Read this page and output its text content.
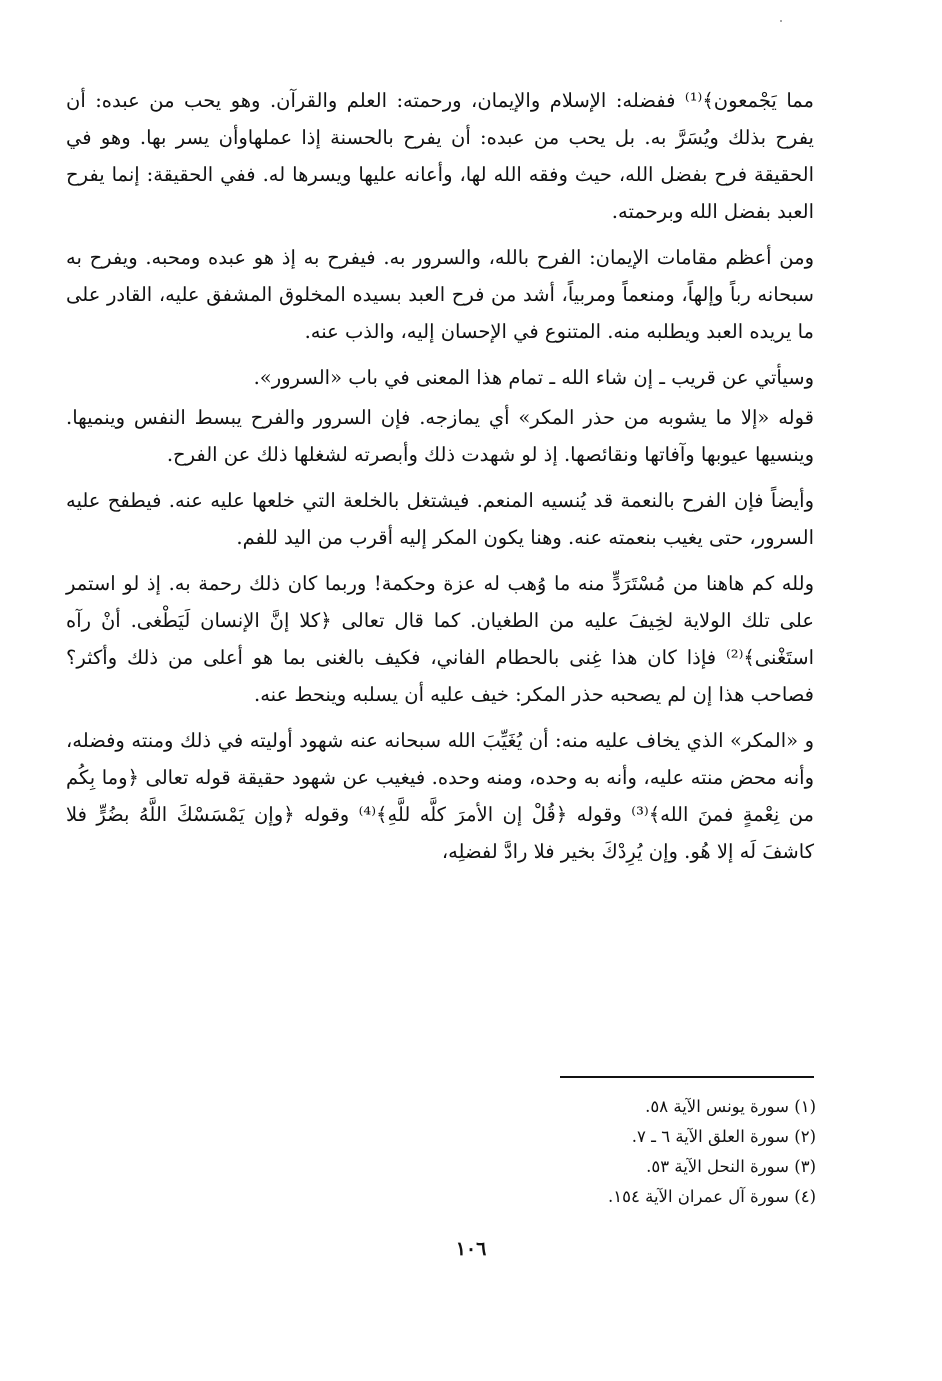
مما يَجْمعون﴾⁽¹⁾ ففضله: الإسلام والإيمان، ورحمته: العلم والقرآن. وهو يحب من عبده: أن يفرح بذلك ويُسَرَّ به. بل يحب من عبده: أن يفرح بالحسنة إذا عملهاوأن يسر بها. وهو في الحقيقة فرح بفضل الله، حيث وفقه الله لها، وأعانه عليها ويسرها له. ففي الحقيقة: إنما يفرح العبد بفضل الله وبرحمته.

ومن أعظم مقامات الإيمان: الفرح بالله، والسرور به. فيفرح به إذ هو عبده ومحبه. ويفرح به سبحانه رباً وإلهاً، ومنعماً ومربياً، أشد من فرح العبد بسيده المخلوق المشفق عليه، القادر على ما يريده العبد ويطلبه منه. المتنوع في الإحسان إليه، والذب عنه.

وسيأتي عن قريب ـ إن شاء الله ـ تمام هذا المعنى في باب «السرور».

قوله «إلا ما يشوبه من حذر المكر» أي يمازجه. فإن السرور والفرح يبسط النفس وينميها. وينسيها عيوبها وآفاتها ونقائصها. إذ لو شهدت ذلك وأبصرته لشغلها ذلك عن الفرح.

وأيضاً فإن الفرح بالنعمة قد يُنسيه المنعم. فيشتغل بالخلعة التي خلعها عليه عنه. فيطفح عليه السرور، حتى يغيب بنعمته عنه. وهنا يكون المكر إليه أقرب من اليد للفم.

ولله كم هاهنا من مُسْتَرَدٍّ منه ما وُهب له عزة وحكمة! وربما كان ذلك رحمة به. إذ لو استمر على تلك الولاية لخِيفَ عليه من الطغيان. كما قال تعالى ﴿كلا إنَّ الإنسان لَيَطْغى. أنْ رآه استَغْنى﴾⁽²⁾ فإذا كان هذا غِنى بالحطام الفاني، فكيف بالغنى بما هو أعلى من ذلك وأكثر؟ فصاحب هذا إن لم يصحبه حذر المكر: خيف عليه أن يسلبه وينحط عنه.

و «المكر» الذي يخاف عليه منه: أن يُغَيِّبَ الله سبحانه عنه شهود أوليته في ذلك ومنته وفضله، وأنه محض منته عليه، وأنه به وحده، ومنه وحده. فيغيب عن شهود حقيقة قوله تعالى ﴿وما بِكُم من نِعْمةٍ فمنَ الله﴾⁽³⁾ وقوله ﴿قُلْ إن الأمرَ كلَّه للَّهِ﴾⁽⁴⁾ وقوله ﴿وإن يَمْسَسْكَ اللَّهُ بضُرٍّ فلا كاشفَ لَه إلا هُو. وإن يُرِدْكَ بخير فلا رادَّ لفضلِه،

(١) سورة يونس الآية ٥٨.

(٢) سورة العلق الآية ٦ ـ ٧.

(٣) سورة النحل الآية ٥٣.

(٤) سورة آل عمران الآية ١٥٤.

١٠٦
